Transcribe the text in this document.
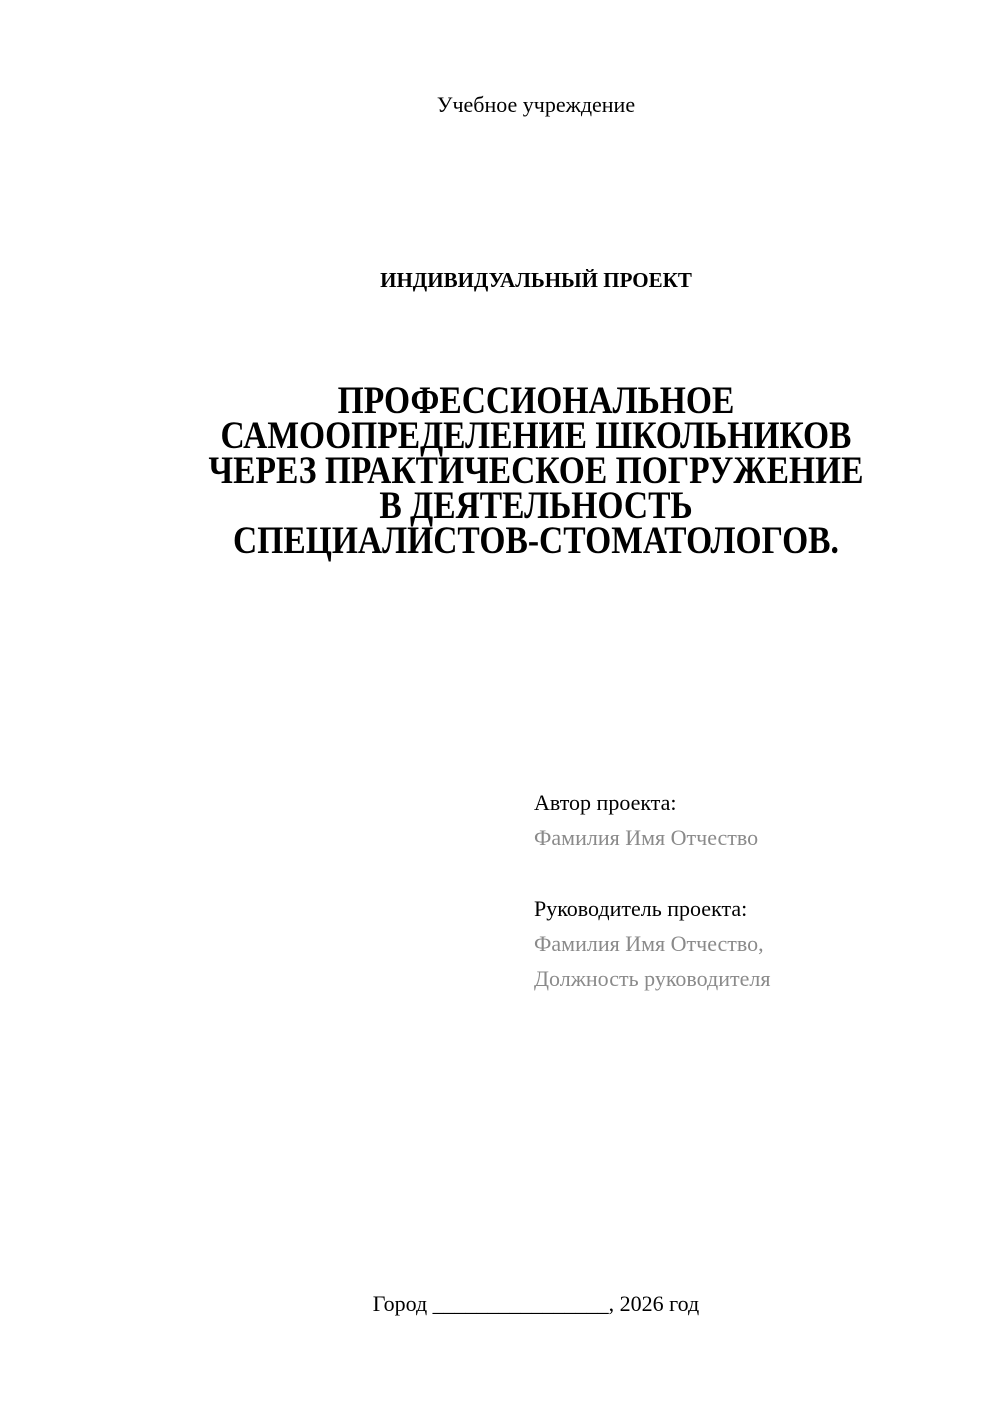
Учебное учреждение
ИНДИВИДУАЛЬНЫЙ ПРОЕКТ
ПРОФЕССИОНАЛЬНОЕ
САМООПРЕДЕЛЕНИЕ ШКОЛЬНИКОВ
ЧЕРЕЗ ПРАКТИЧЕСКОЕ ПОГРУЖЕНИЕ
В ДЕЯТЕЛЬНОСТЬ
СПЕЦИАЛИСТОВ-СТОМАТОЛОГОВ.
Автор проекта:
Фамилия Имя Отчество
Руководитель проекта:
Фамилия Имя Отчество,
Должность руководителя
Город ________________, 2026 год
